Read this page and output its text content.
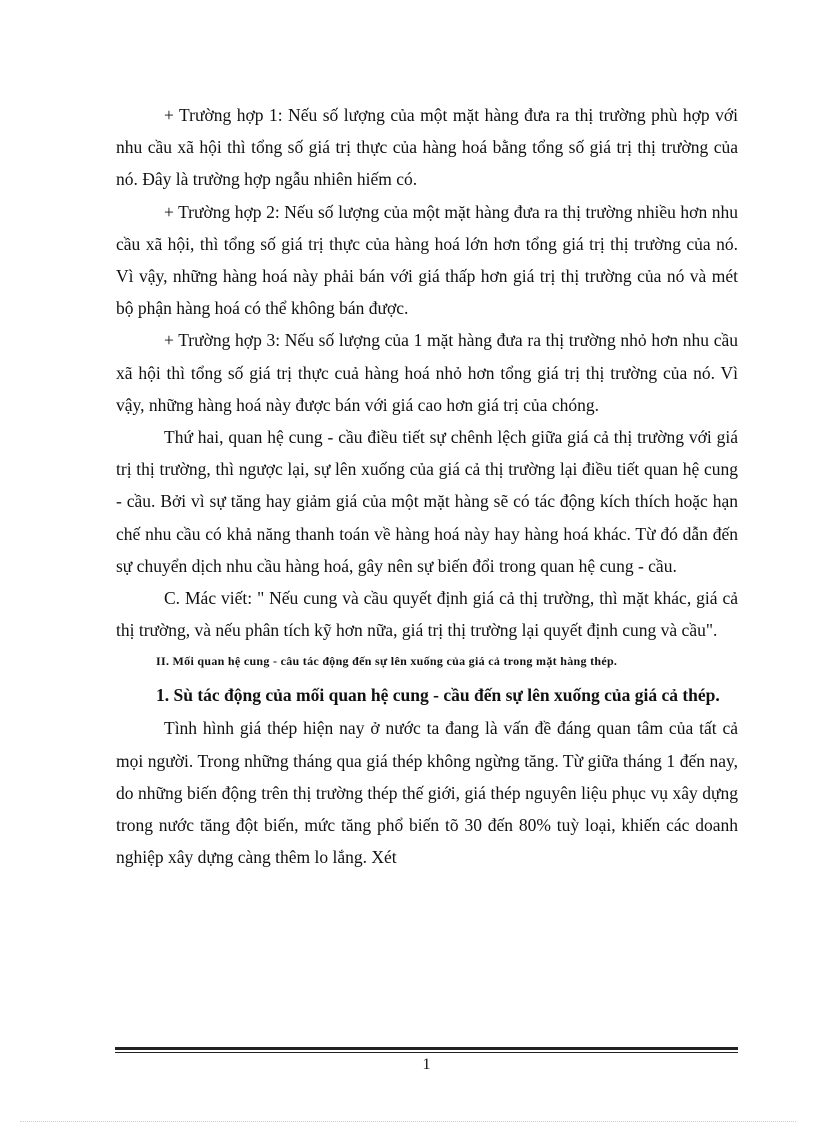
+ Trường hợp 1: Nếu số lượng của một mặt hàng đưa ra thị trường phù hợp với nhu cầu xã hội thì tổng số giá trị thực của hàng hoá bằng tổng số giá trị thị trường của nó. Đây là trường hợp ngẫu nhiên hiếm có.

+ Trường hợp 2: Nếu số lượng của một mặt hàng đưa ra thị trường nhiều hơn nhu cầu xã hội, thì tổng số giá trị thực của hàng hoá lớn hơn tổng giá trị thị trường của nó. Vì vậy, những hàng hoá này phải bán với giá thấp hơn giá trị thị trường của nó và mét bộ phận hàng hoá có thể không bán được.

+ Trường hợp 3: Nếu số lượng của 1 mặt hàng đưa ra thị trường nhỏ hơn nhu cầu xã hội thì tổng số giá trị thực cuả hàng hoá nhỏ hơn tổng giá trị thị trường của nó. Vì vậy, những hàng hoá này được bán với giá cao hơn giá trị của chóng.

Thứ hai, quan hệ cung - cầu điều tiết sự chênh lệch giữa giá cả thị trường với giá trị thị trường, thì ngược lại, sự lên xuống của giá cả thị trường lại điều tiết quan hệ cung - cầu. Bởi vì sự tăng hay giảm giá của một mặt hàng sẽ có tác động kích thích hoặc hạn chế nhu cầu có khả năng thanh toán về hàng hoá này hay hàng hoá khác. Từ đó dẫn đến sự chuyển dịch nhu cầu hàng hoá, gây nên sự biến đổi trong quan hệ cung - cầu.

C. Mác viết: " Nếu cung và cầu quyết định giá cả thị trường, thì mặt khác, giá cả thị trường, và nếu phân tích kỹ hơn nữa, giá trị thị trường lại quyết định cung và cầu".

II. Mối quan hệ cung - câu tác động đến sự lên xuống của giá cả trong mặt hàng thép.

1. Sù tác động của mối quan hệ cung - cầu đến sự lên xuống của giá cả thép.

Tình hình giá thép hiện nay ở nước ta đang là vấn đề đáng quan tâm của tất cả mọi người. Trong những tháng qua giá thép không ngừng tăng. Từ giữa tháng 1 đến nay, do những biến động trên thị trường thép thế giới, giá thép nguyên liệu phục vụ xây dựng trong nước tăng đột biến, mức tăng phổ biến tõ 30 đến 80% tuỳ loại, khiến các doanh nghiệp xây dựng càng thêm lo lắng. Xét

1
